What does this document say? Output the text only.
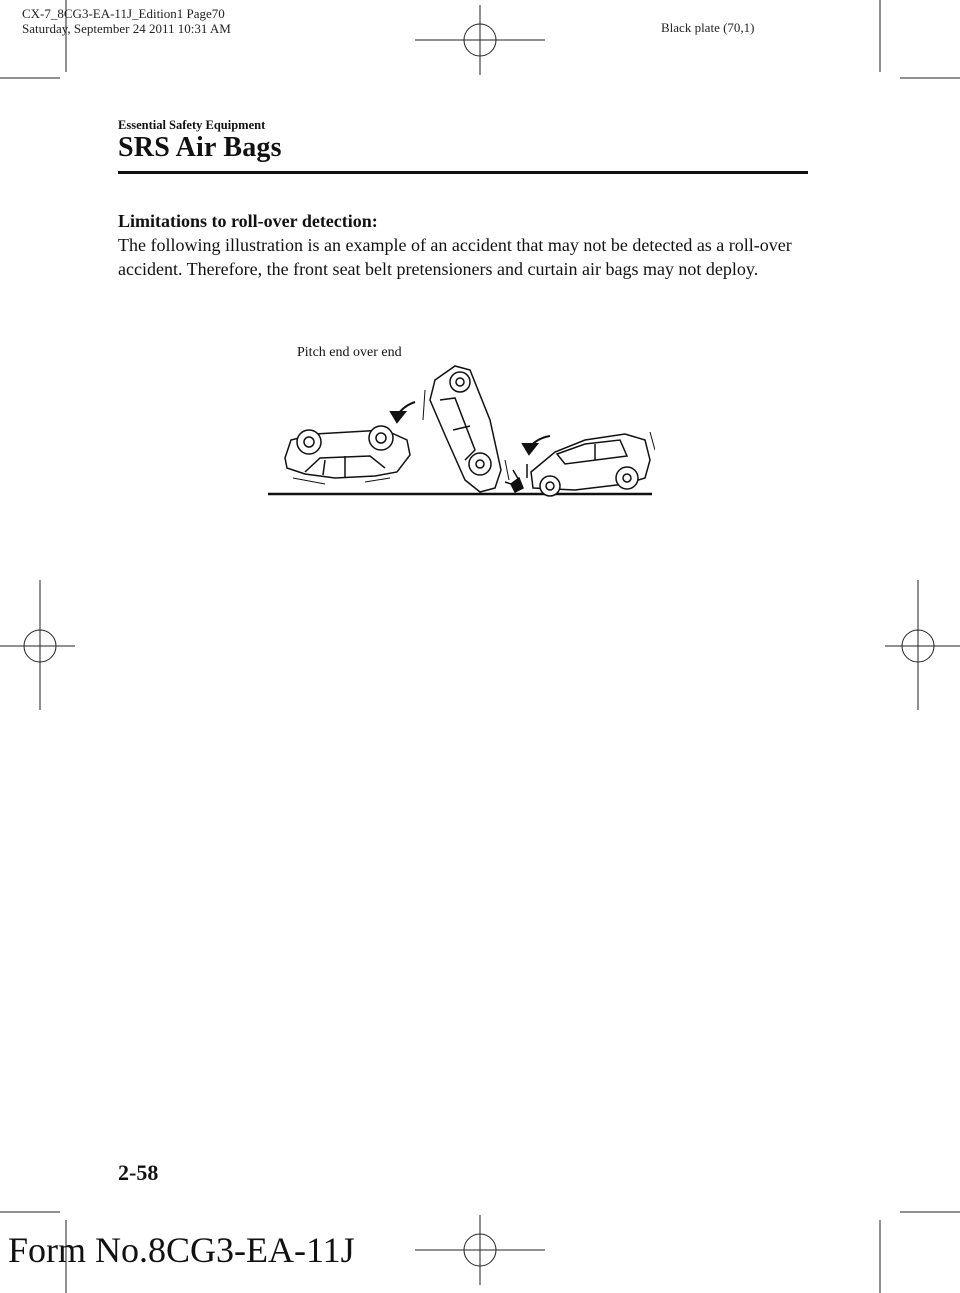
CX-7_8CG3-EA-11J_Edition1 Page70
Saturday, September 24 2011 10:31 AM	Black plate (70,1)
Essential Safety Equipment
SRS Air Bags
Limitations to roll-over detection:
The following illustration is an example of an accident that may not be detected as a roll-over accident. Therefore, the front seat belt pretensioners and curtain air bags may not deploy.
Pitch end over end
2-58
Form No.8CG3-EA-11J
